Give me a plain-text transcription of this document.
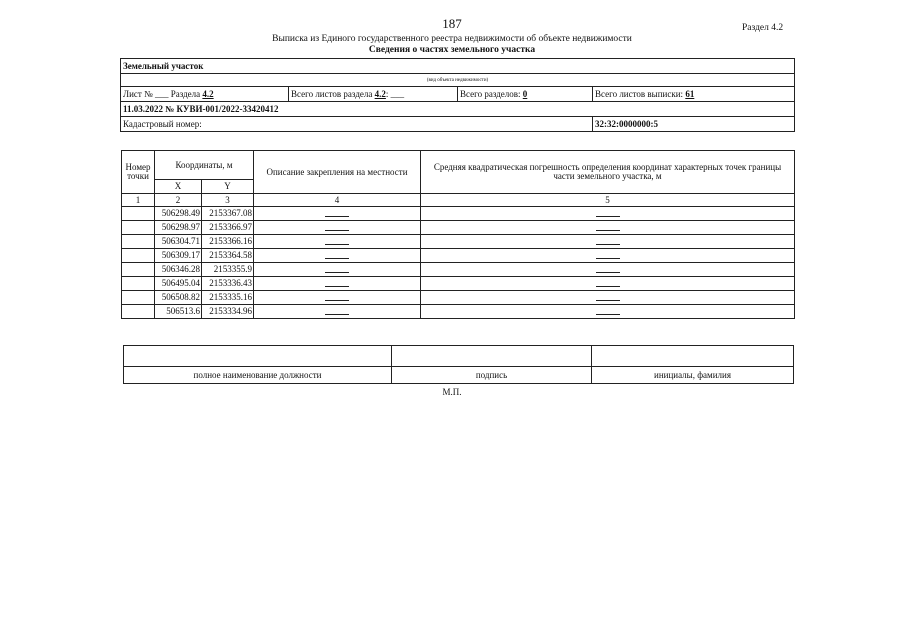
187	Раздел 4.2
Выписка из Единого государственного реестра недвижимости об объекте недвижимости
Сведения о частях земельного участка
Земельный участок			
(вид объекта недвижимости)			
Лист № ___ Раздела 4.2	Всего листов раздела 4.2: ___	Всего разделов: 0	Всего листов выписки: 61
11.03.2022 № КУВИ-001/2022-33420412			
Кадастровый номер:			32:32:0000000:5
Номер точки	Координаты, м		Описание закрепления на местности	Средняя квадратическая погрешность определения координат характерных точек границы части земельного участка, м
	X	Y		
1	2	3	4	5
	506298.49	2153367.08		
	506298.97	2153366.97		
	506304.71	2153366.16		
	506309.17	2153364.58		
	506346.28	2153355.9		
	506495.04	2153336.43		
	506508.82	2153335.16		
	506513.6	2153334.96		

полное наименование должности	подпись	инициалы, фамилия
М.П.
